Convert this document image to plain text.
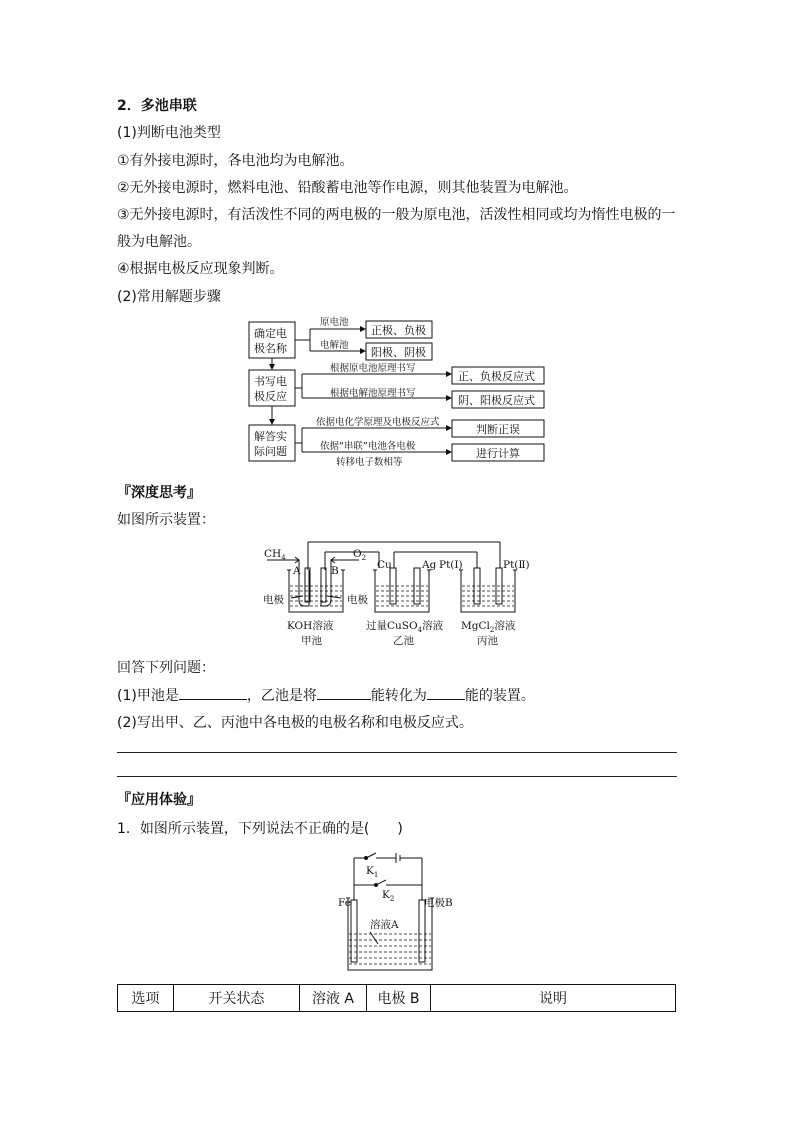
2．多池串联
(1)判断电池类型
①有外接电源时，各电池均为电解池。
②无外接电源时，燃料电池、铅酸蓄电池等作电源，则其他装置为电解池。
③无外接电源时，有活泼性不同的两电极的一般为原电池，活泼性相同或均为惰性电极的一
般为电解池。
④根据电极反应现象判断。
(2)常用解题步骤
确定电
极名称
书写电
极反应
解答实
际问题
原电池
电解池
根据原电池原理书写
根据电解池原理书写
依据电化学原理及电极反应式
依据“串联”电池各电极
转移电子数相等
正极、负极
阳极、阴极
正、负极反应式
阴、阳极反应式
判断正误
进行计算
『深度思考』
如图所示装置：
$CH_4$	$O_2$
A	B	Cu	Ag Pt(Ⅰ)	Pt(Ⅱ)
电极	电极
KOH溶液
甲池
过量CuSO$_4$溶液
乙池
MgCl$_2$溶液
丙池
回答下列问题：
(1)甲池是	，乙池是将	能转化为	能的装置。
(2)写出甲、乙、丙池中各电极的电极名称和电极反应式。
『应用体验』
1．如图所示装置，下列说法不正确的是(　　)
$K_1$
$K_2$
Fe	电极B
溶液A
选项	开关状态	溶液 A	电极 B	说明
